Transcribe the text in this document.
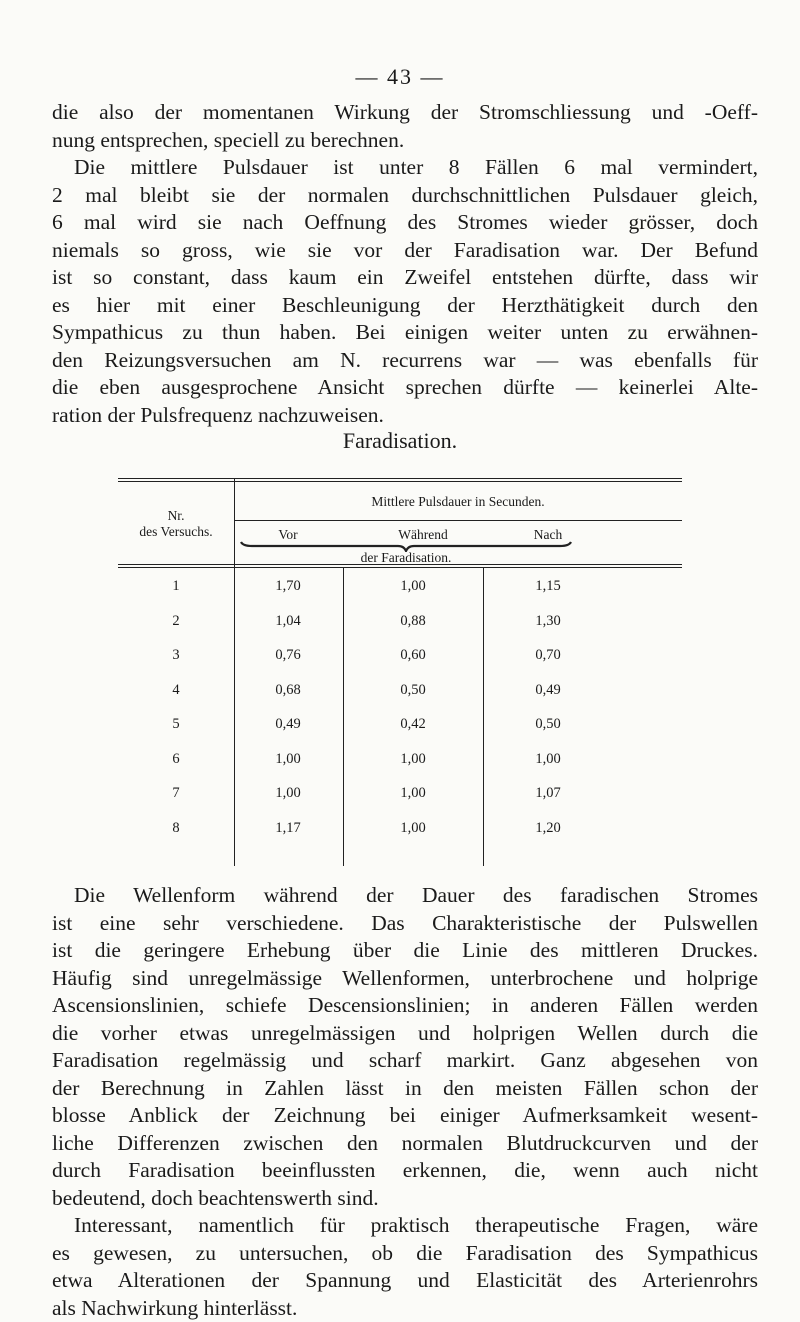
— 43 —

die also der momentanen Wirkung der Stromschliessung und -Oeff-
nung entsprechen, speciell zu berechnen.
Die mittlere Pulsdauer ist unter 8 Fällen 6 mal vermindert,
2 mal bleibt sie der normalen durchschnittlichen Pulsdauer gleich,
6 mal wird sie nach Oeffnung des Stromes wieder grösser, doch
niemals so gross, wie sie vor der Faradisation war. Der Befund
ist so constant, dass kaum ein Zweifel entstehen dürfte, dass wir
es hier mit einer Beschleunigung der Herzthätigkeit durch den
Sympathicus zu thun haben. Bei einigen weiter unten zu erwähnen-
den Reizungsversuchen am N. recurrens war — was ebenfalls für
die eben ausgesprochene Ansicht sprechen dürfte — keinerlei Alte-
ration der Pulsfrequenz nachzuweisen.

Faradisation.
Nr.
des Versuchs.
Mittlere Pulsdauer in Secunden.
Vor	Während	Nach
der Faradisation.
1	1,70	1,00	1,15
2	1,04	0,88	1,30
3	0,76	0,60	0,70
4	0,68	0,50	0,49
5	0,49	0,42	0,50
6	1,00	1,00	1,00
7	1,00	1,00	1,07
8	1,17	1,00	1,20

Die Wellenform während der Dauer des faradischen Stromes
ist eine sehr verschiedene. Das Charakteristische der Pulswellen
ist die geringere Erhebung über die Linie des mittleren Druckes.
Häufig sind unregelmässige Wellenformen, unterbrochene und holprige
Ascensionslinien, schiefe Descensionslinien; in anderen Fällen werden
die vorher etwas unregelmässigen und holprigen Wellen durch die
Faradisation regelmässig und scharf markirt. Ganz abgesehen von
der Berechnung in Zahlen lässt in den meisten Fällen schon der
blosse Anblick der Zeichnung bei einiger Aufmerksamkeit wesent-
liche Differenzen zwischen den normalen Blutdruckcurven und der
durch Faradisation beeinflussten erkennen, die, wenn auch nicht
bedeutend, doch beachtenswerth sind.
Interessant, namentlich für praktisch therapeutische Fragen, wäre
es gewesen, zu untersuchen, ob die Faradisation des Sympathicus
etwa Alterationen der Spannung und Elasticität des Arterienrohrs
als Nachwirkung hinterlässt.
